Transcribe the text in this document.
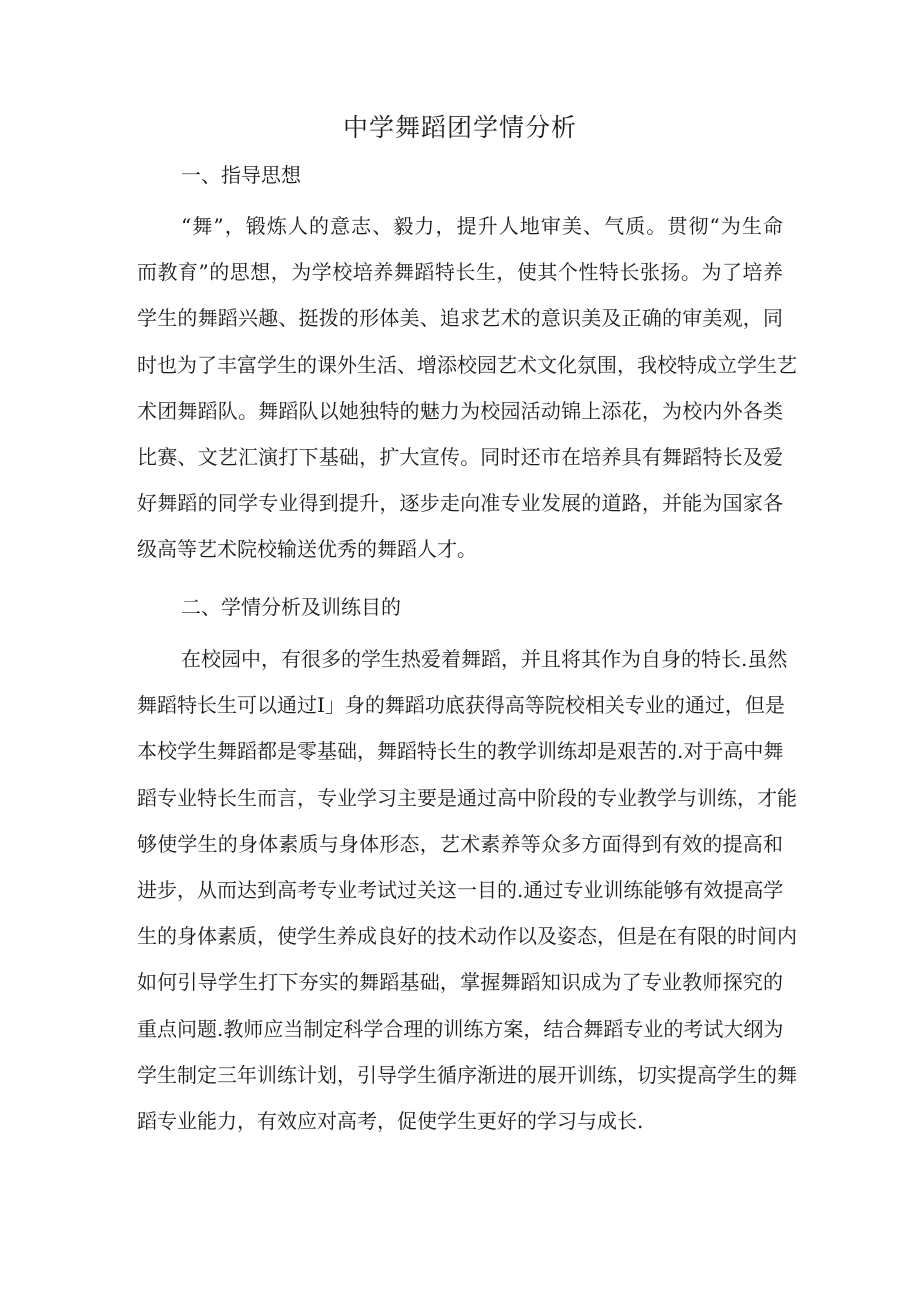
中学舞蹈团学情分析
一、指导思想
“舞”，锻炼人的意志、毅力，提升人地审美、气质。贯彻“为生命
而教育”的思想，为学校培养舞蹈特长生，使其个性特长张扬。为了培养
学生的舞蹈兴趣、挺拨的形体美、追求艺术的意识美及正确的审美观，同
时也为了丰富学生的课外生活、增添校园艺术文化氛围，我校特成立学生艺
术团舞蹈队。舞蹈队以她独特的魅力为校园活动锦上添花，为校内外各类
比赛、文艺汇演打下基础，扩大宣传。同时还市在培养具有舞蹈特长及爱
好舞蹈的同学专业得到提升，逐步走向准专业发展的道路，并能为国家各
级高等艺术院校输送优秀的舞蹈人才。
二、学情分析及训练目的
在校园中，有很多的学生热爱着舞蹈，并且将其作为自身的特长.虽然
舞蹈特长生可以通过I」身的舞蹈功底获得高等院校相关专业的通过，但是
本校学生舞蹈都是零基础，舞蹈特长生的教学训练却是艰苦的.对于高中舞
蹈专业特长生而言，专业学习主要是通过高中阶段的专业教学与训练，才能
够使学生的身体素质与身体形态，艺术素养等众多方面得到有效的提高和
进步，从而达到高考专业考试过关这一目的.通过专业训练能够有效提高学
生的身体素质，使学生养成良好的技术动作以及姿态，但是在有限的时间内
如何引导学生打下夯实的舞蹈基础，掌握舞蹈知识成为了专业教师探究的
重点问题.教师应当制定科学合理的训练方案，结合舞蹈专业的考试大纲为
学生制定三年训练计划，引导学生循序渐进的展开训练，切实提高学生的舞
蹈专业能力，有效应对高考，促使学生更好的学习与成长.
